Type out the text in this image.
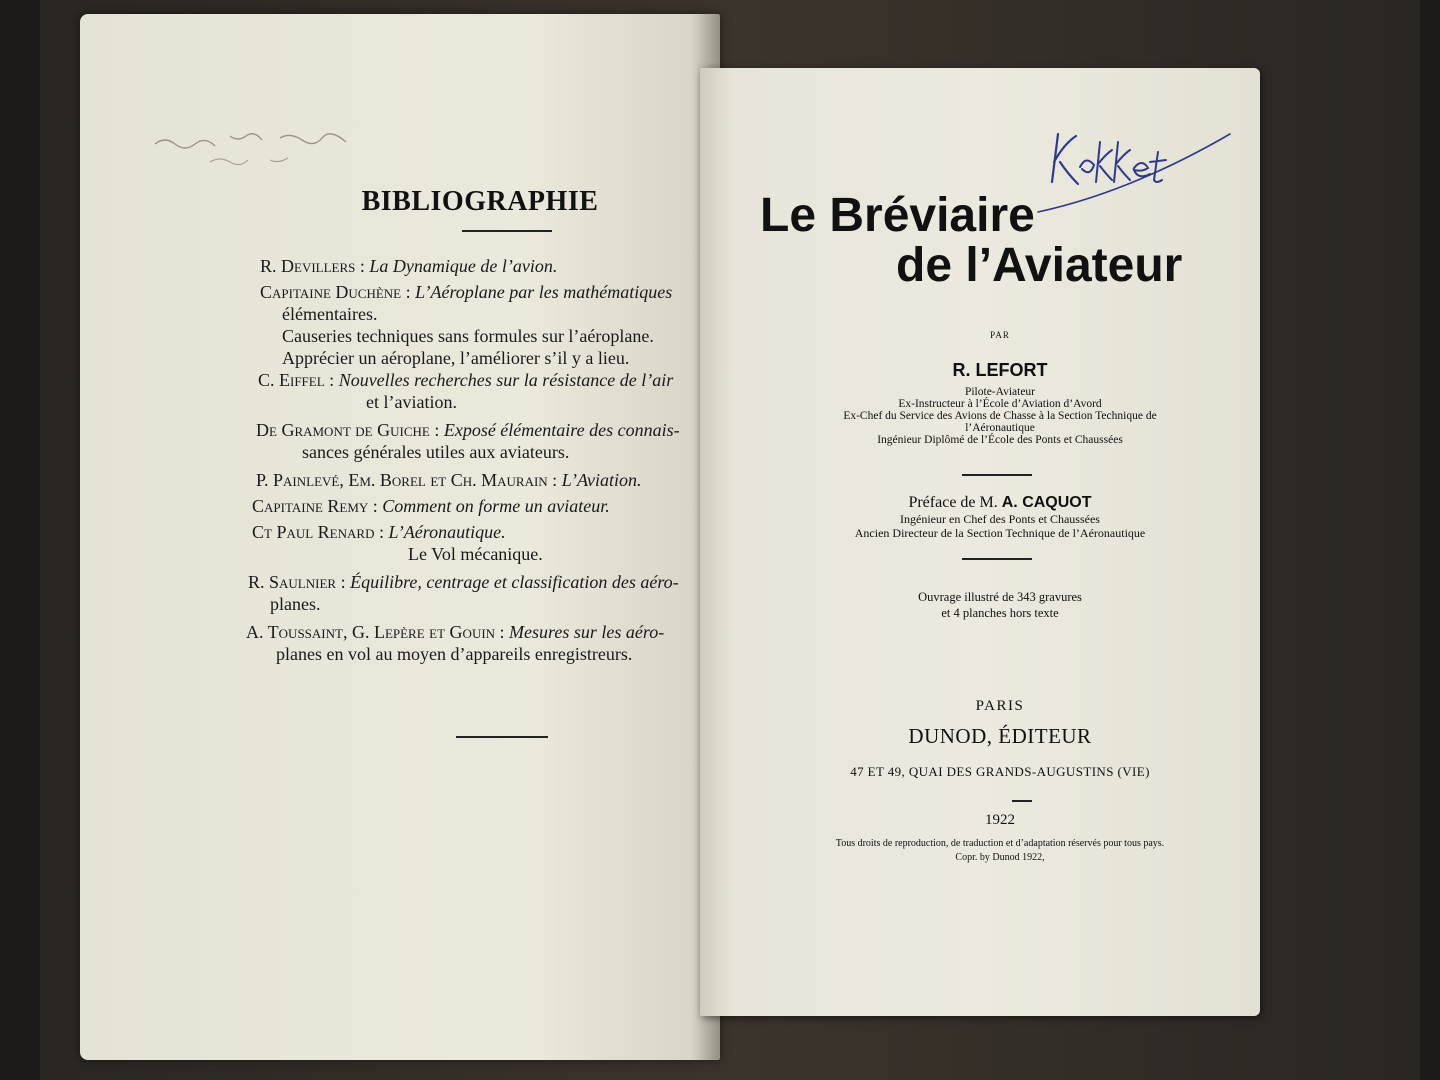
BIBLIOGRAPHIE
R. Devillers : La Dynamique de l’avion.
Capitaine Duchène : L’Aéroplane par les mathématiques
élémentaires.
Causeries techniques sans formules sur l’aéroplane.
Apprécier un aéroplane, l’améliorer s’il y a lieu.
C. Eiffel : Nouvelles recherches sur la résistance de l’air
et l’aviation.
De Gramont de Guiche : Exposé élémentaire des connais-
sances générales utiles aux aviateurs.
P. Painlevé, Em. Borel et Ch. Maurain : L’Aviation.
Capitaine Remy : Comment on forme un aviateur.
Ct Paul Renard : L’Aéronautique.
Le Vol mécanique.
R. Saulnier : Équilibre, centrage et classification des aéro-
planes.
A. Toussaint, G. Lepère et Gouin : Mesures sur les aéro-
planes en vol au moyen d’appareils enregistreurs.
Le Bréviaire
de l’Aviateur
PAR
R. LEFORT
Pilote-Aviateur
Ex-Instructeur à l’École d’Aviation d’Avord
Ex-Chef du Service des Avions de Chasse à la Section Technique de
l’Aéronautique
Ingénieur Diplômé de l’École des Ponts et Chaussées
Préface de M. A. CAQUOT
Ingénieur en Chef des Ponts et Chaussées
Ancien Directeur de la Section Technique de l’Aéronautique
Ouvrage illustré de 343 gravures
et 4 planches hors texte
PARIS
DUNOD, ÉDITEUR
47 ET 49, QUAI DES GRANDS-AUGUSTINS (VIE)
1922
Tous droits de reproduction, de traduction et d’adaptation réservés pour tous pays.
Copr. by Dunod 1922,
